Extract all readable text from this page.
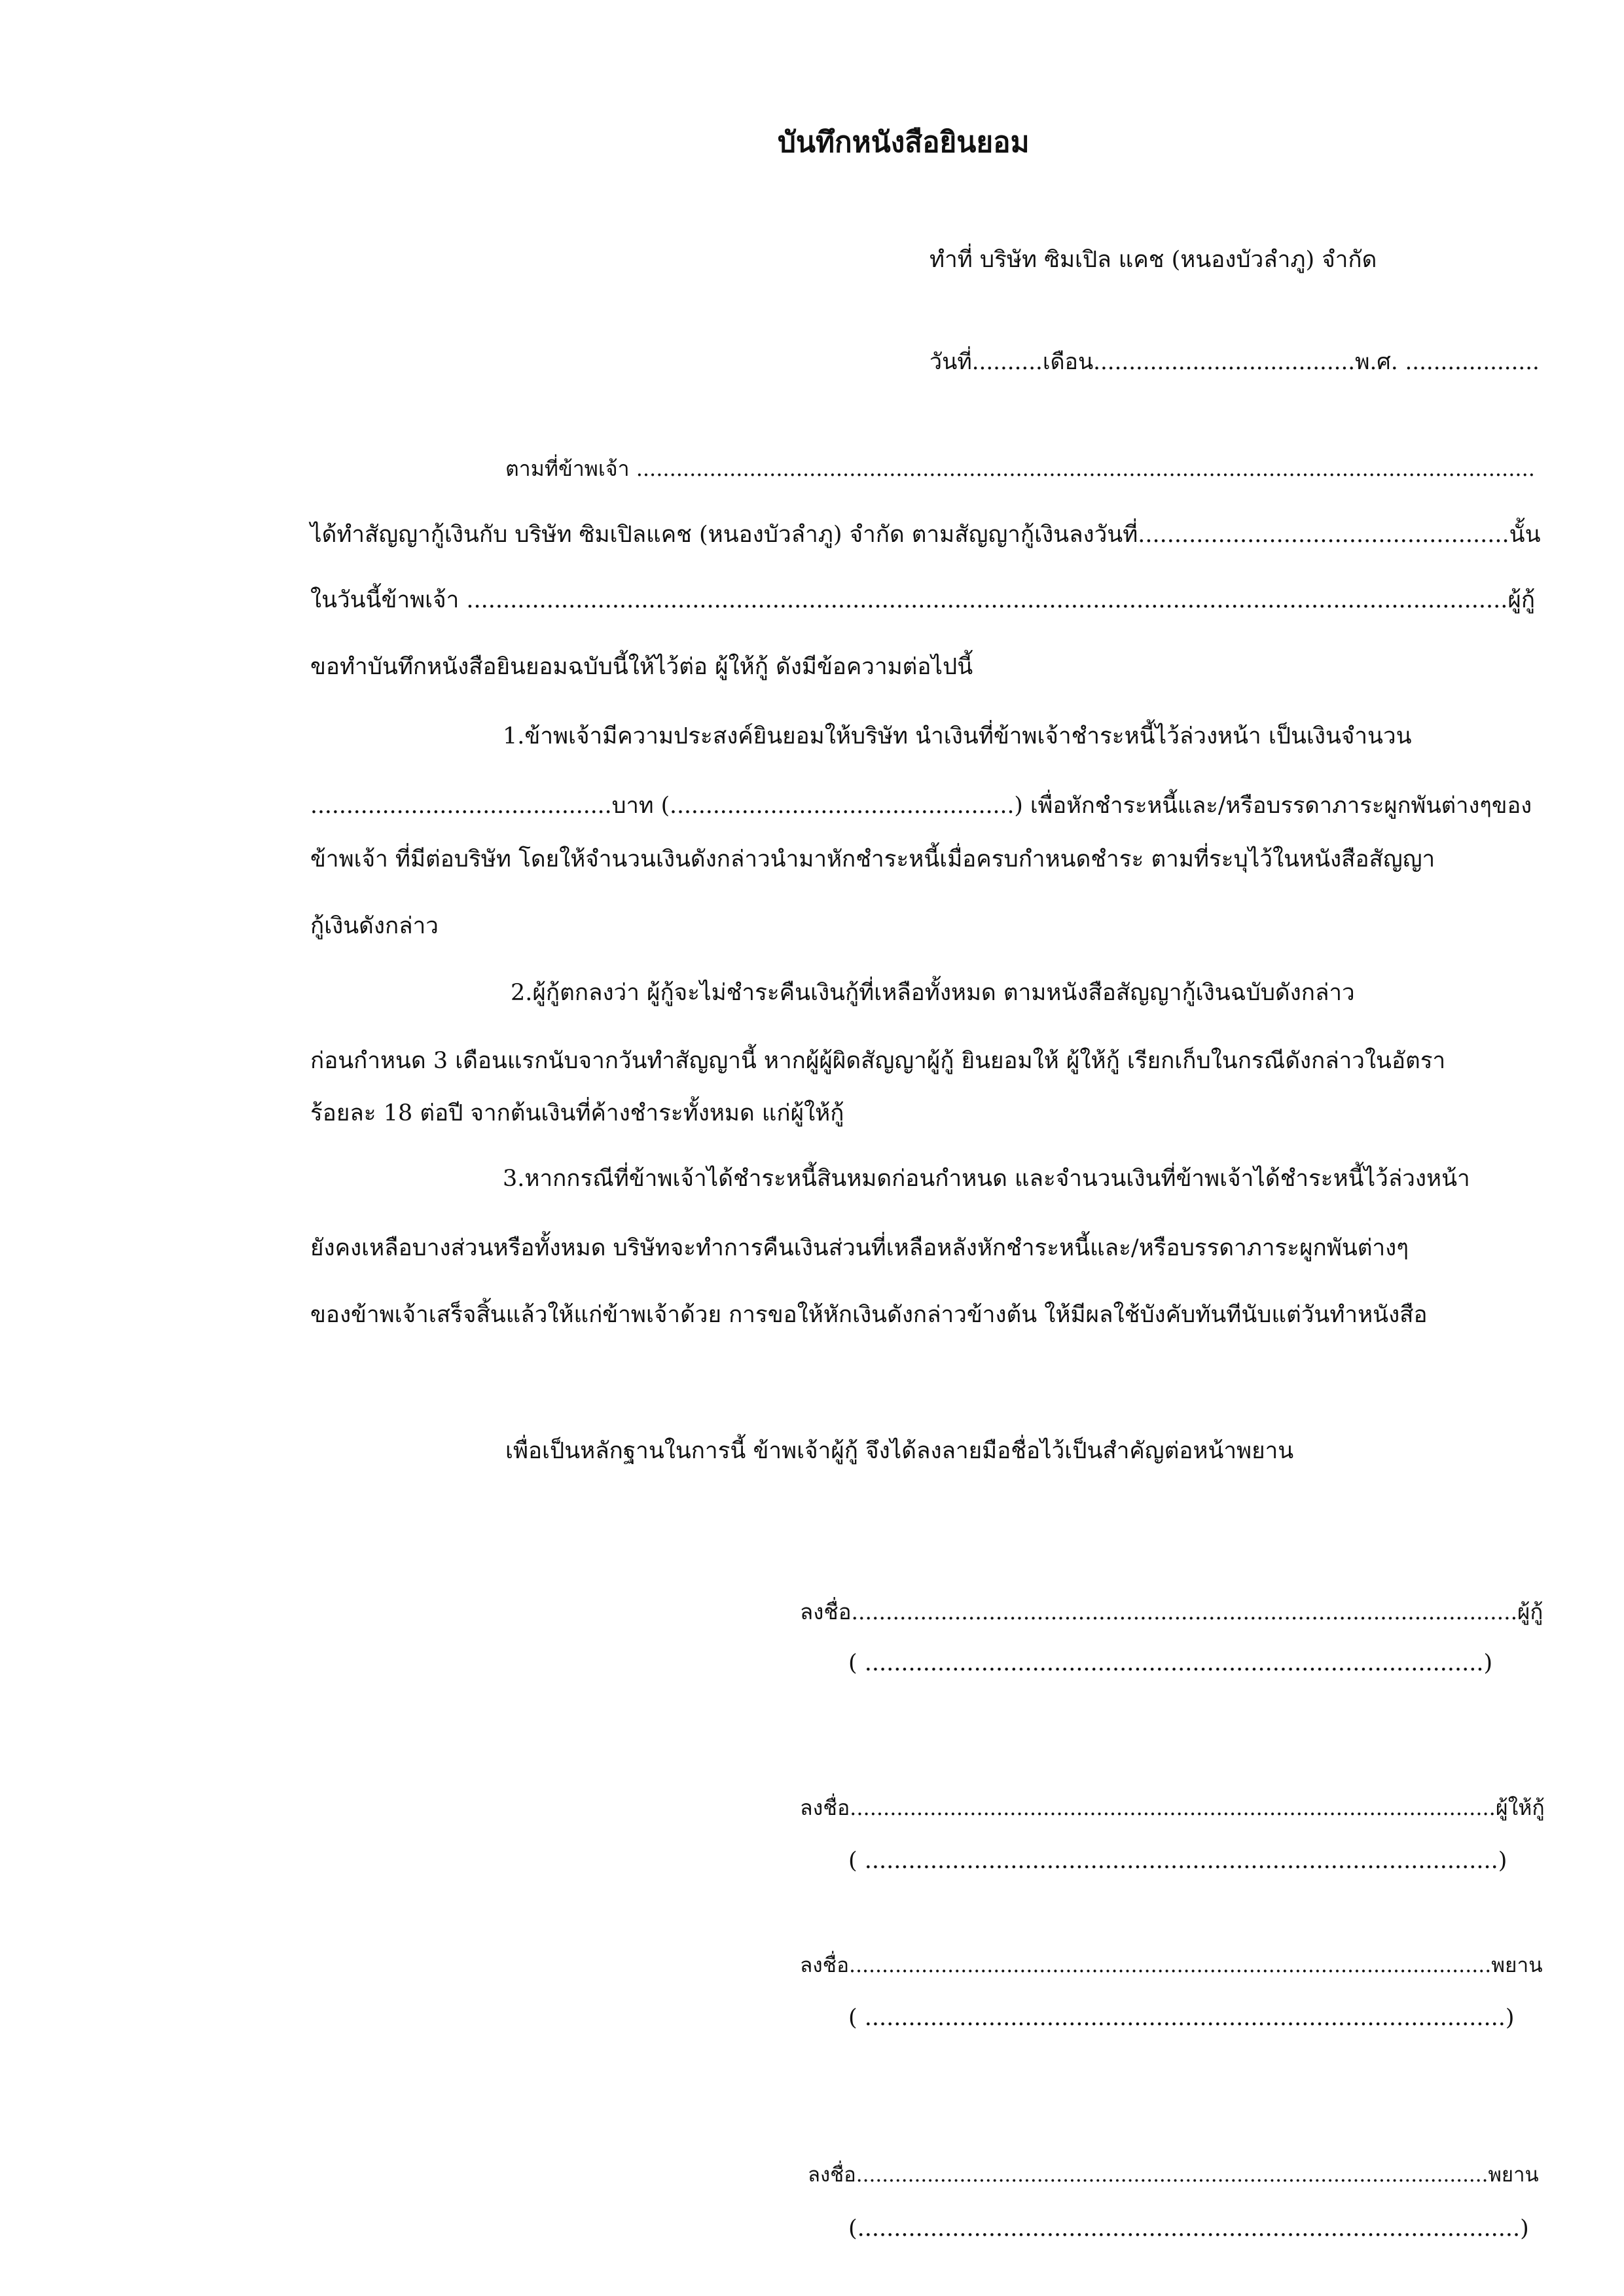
บันทึกหนังสือยินยอม
ทำที่ บริษัท ซิมเปิล แคช (หนองบัวลำภู) จำกัด
วันที่..........เดือน.....................................พ.ศ. ...................
ตามที่ข้าพเจ้า .......................................................................................................................................
ได้ทำสัญญากู้เงินกับ บริษัท ซิมเปิลแคช (หนองบัวลำภู) จำกัด ตามสัญญากู้เงินลงวันที่...................................................นั้น
ในวันนี้ข้าพเจ้า ...............................................................................................................................................ผู้กู้
ขอทำบันทึกหนังสือยินยอมฉบับนี้ให้ไว้ต่อ ผู้ให้กู้ ดังมีข้อความต่อไปนี้
1.ข้าพเจ้ามีความประสงค์ยินยอมให้บริษัท นำเงินที่ข้าพเจ้าชำระหนี้ไว้ล่วงหน้า เป็นเงินจำนวน
..........................................บาท (................................................) เพื่อหักชำระหนี้และ/หรือบรรดาภาระผูกพันต่างๆของ
ข้าพเจ้า ที่มีต่อบริษัท โดยให้จำนวนเงินดังกล่าวนำมาหักชำระหนี้เมื่อครบกำหนดชำระ ตามที่ระบุไว้ในหนังสือสัญญา
กู้เงินดังกล่าว
2.ผู้กู้ตกลงว่า ผู้กู้จะไม่ชำระคืนเงินกู้ที่เหลือทั้งหมด ตามหนังสือสัญญากู้เงินฉบับดังกล่าว
ก่อนกำหนด 3 เดือนแรกนับจากวันทำสัญญานี้ หากผู้ผู้ผิดสัญญาผู้กู้ ยินยอมให้ ผู้ให้กู้ เรียกเก็บในกรณีดังกล่าวในอัตรา
ร้อยละ 18 ต่อปี จากต้นเงินที่ค้างชำระทั้งหมด แก่ผู้ให้กู้
3.หากกรณีที่ข้าพเจ้าได้ชำระหนี้สินหมดก่อนกำหนด และจำนวนเงินที่ข้าพเจ้าได้ชำระหนี้ไว้ล่วงหน้า
ยังคงเหลือบางส่วนหรือทั้งหมด บริษัทจะทำการคืนเงินส่วนที่เหลือหลังหักชำระหนี้และ/หรือบรรดาภาระผูกพันต่างๆ
ของข้าพเจ้าเสร็จสิ้นแล้วให้แก่ข้าพเจ้าด้วย การขอให้หักเงินดังกล่าวข้างต้น ให้มีผลใช้บังคับทันทีนับแต่วันทำหนังสือ
เพื่อเป็นหลักฐานในการนี้ ข้าพเจ้าผู้กู้ จึงได้ลงลายมือชื่อไว้เป็นสำคัญต่อหน้าพยาน
ลงชื่อ.................................................................................................ผู้กู้
( .....................................................................................)
ลงชื่อ.................................................................................................ผู้ให้กู้
( .......................................................................................)
ลงชื่อ..................................................................................................พยาน
( ........................................................................................)
ลงชื่อ..................................................................................................พยาน
(...........................................................................................)
